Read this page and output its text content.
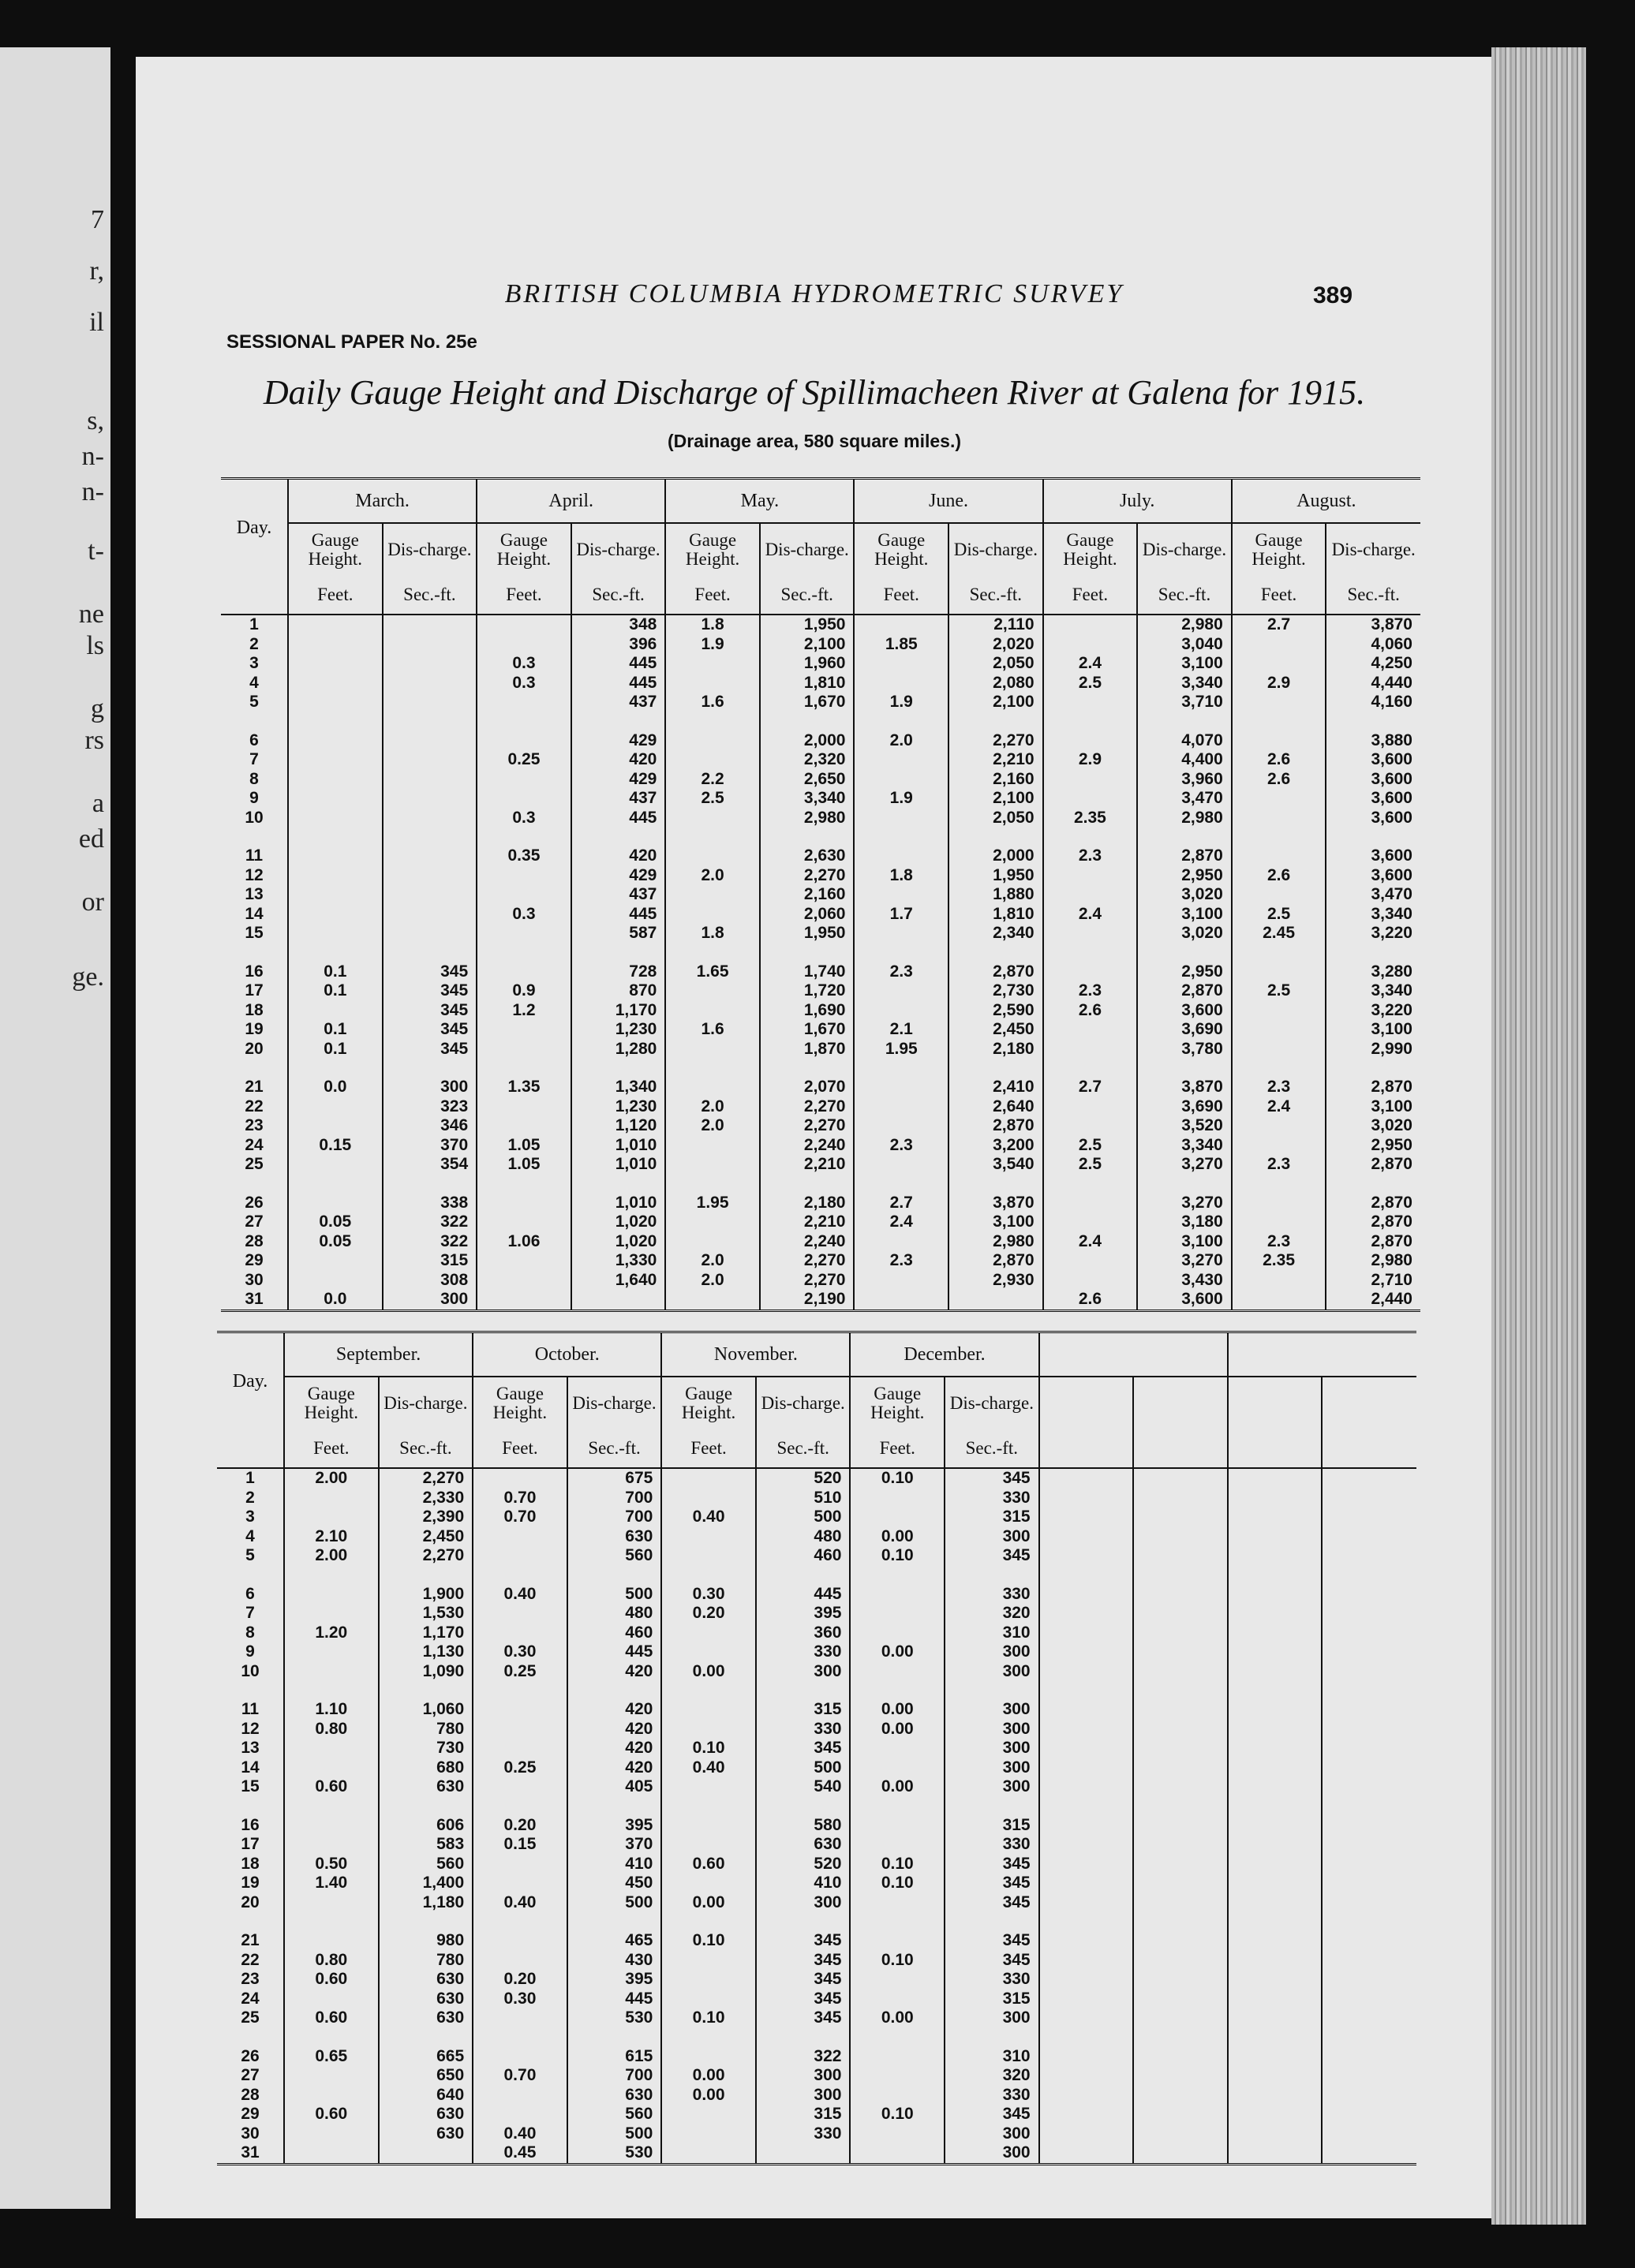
7
r,
il
s,
n-
n-
t-
ne
ls
g
rs
a
ed
or
ge.
BRITISH COLUMBIA HYDROMETRIC SURVEY	389
SESSIONAL PAPER No. 25e
Daily Gauge Height and Discharge of Spillimacheen River at Galena for 1915.
(Drainage area, 580 square miles.)
Day.	March.		April.		May.		June.		July.		August.	
	Gauge Height.	Dis-charge.	Gauge Height.	Dis-charge.	Gauge Height.	Dis-charge.	Gauge Height.	Dis-charge.	Gauge Height.	Dis-charge.	Gauge Height.	Dis-charge.
	Feet.	Sec.-ft.	Feet.	Sec.-ft.	Feet.	Sec.-ft.	Feet.	Sec.-ft.	Feet.	Sec.-ft.	Feet.	Sec.-ft.
1				348	1.8	1,950		2,110		2,980	2.7	3,870
2				396	1.9	2,100	1.85	2,020		3,040		4,060
3			0.3	445		1,960		2,050	2.4	3,100		4,250
4			0.3	445		1,810		2,080	2.5	3,340	2.9	4,440
5				437	1.6	1,670	1.9	2,100		3,710		4,160
6				429		2,000	2.0	2,270		4,070		3,880
7			0.25	420		2,320		2,210	2.9	4,400	2.6	3,600
8				429	2.2	2,650		2,160		3,960	2.6	3,600
9				437	2.5	3,340	1.9	2,100		3,470		3,600
10			0.3	445		2,980		2,050	2.35	2,980		3,600
11			0.35	420		2,630		2,000	2.3	2,870		3,600
12				429	2.0	2,270	1.8	1,950		2,950	2.6	3,600
13				437		2,160		1,880		3,020		3,470
14			0.3	445		2,060	1.7	1,810	2.4	3,100	2.5	3,340
15				587	1.8	1,950		2,340		3,020	2.45	3,220
16	0.1	345		728	1.65	1,740	2.3	2,870		2,950		3,280
17	0.1	345	0.9	870		1,720		2,730	2.3	2,870	2.5	3,340
18		345	1.2	1,170		1,690		2,590	2.6	3,600		3,220
19	0.1	345		1,230	1.6	1,670	2.1	2,450		3,690		3,100
20	0.1	345		1,280		1,870	1.95	2,180		3,780		2,990
21	0.0	300	1.35	1,340		2,070		2,410	2.7	3,870	2.3	2,870
22		323		1,230	2.0	2,270		2,640		3,690	2.4	3,100
23		346		1,120	2.0	2,270		2,870		3,520		3,020
24	0.15	370	1.05	1,010		2,240	2.3	3,200	2.5	3,340		2,950
25		354	1.05	1,010		2,210		3,540	2.5	3,270	2.3	2,870
26		338		1,010	1.95	2,180	2.7	3,870		3,270		2,870
27	0.05	322		1,020		2,210	2.4	3,100		3,180		2,870
28	0.05	322	1.06	1,020		2,240		2,980	2.4	3,100	2.3	2,870
29		315		1,330	2.0	2,270	2.3	2,870		3,270	2.35	2,980
30		308		1,640	2.0	2,270		2,930		3,430		2,710
31	0.0	300				2,190			2.6	3,600		2,440
Day.	September.		October.		November.		December.					
	Gauge Height.	Dis-charge.	Gauge Height.	Dis-charge.	Gauge Height.	Dis-charge.	Gauge Height.	Dis-charge.				
	Feet.	Sec.-ft.	Feet.	Sec.-ft.	Feet.	Sec.-ft.	Feet.	Sec.-ft.				
1	2.00	2,270		675		520	0.10	345				
2		2,330	0.70	700		510		330				
3		2,390	0.70	700	0.40	500		315				
4	2.10	2,450		630		480	0.00	300				
5	2.00	2,270		560		460	0.10	345				
6		1,900	0.40	500	0.30	445		330				
7		1,530		480	0.20	395		320				
8	1.20	1,170		460		360		310				
9		1,130	0.30	445		330	0.00	300				
10		1,090	0.25	420	0.00	300		300				
11	1.10	1,060		420		315	0.00	300				
12	0.80	780		420		330	0.00	300				
13		730		420	0.10	345		300				
14		680	0.25	420	0.40	500		300				
15	0.60	630		405		540	0.00	300				
16		606	0.20	395		580		315				
17		583	0.15	370		630		330				
18	0.50	560		410	0.60	520	0.10	345				
19	1.40	1,400		450		410	0.10	345				
20		1,180	0.40	500	0.00	300		345				
21		980		465	0.10	345		345				
22	0.80	780		430		345	0.10	345				
23	0.60	630	0.20	395		345		330				
24		630	0.30	445		345		315				
25	0.60	630		530	0.10	345	0.00	300				
26	0.65	665		615		322		310				
27		650	0.70	700	0.00	300		320				
28		640		630	0.00	300		330				
29	0.60	630		560		315	0.10	345				
30		630	0.40	500		330		300				
31			0.45	530				300				
